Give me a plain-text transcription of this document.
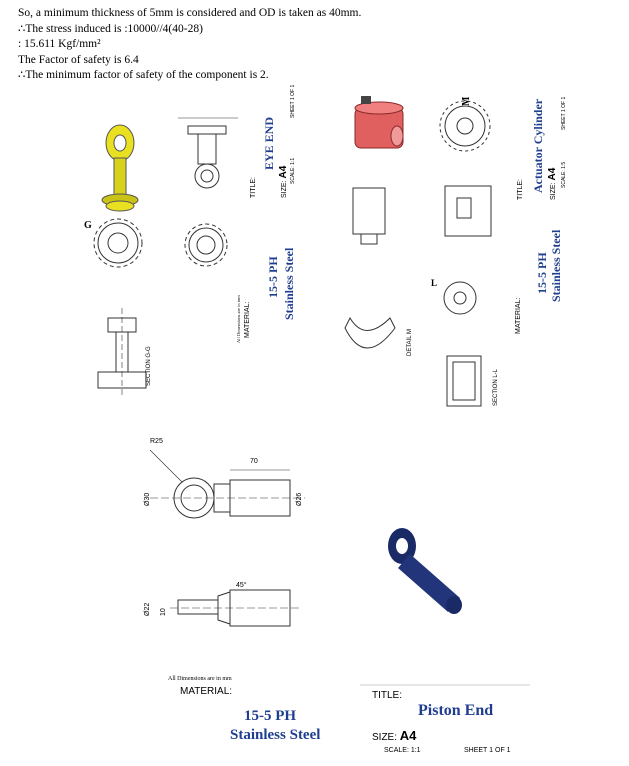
So, a minimum thickness of 5mm is considered and OD is taken as 40mm.
∴The stress induced is :10000//4(40-28)
: 15.611 Kgf/mm²
The Factor of safety is 6.4
∴The minimum factor of safety of the component is 2.
G
SECTION G-G
TITLE:
EYE END
SIZE: A4 SCALE: 1:1
SHEET 1 OF 1
All Dimensions are in mm MATERIAL:
15-5 PH Stainless Steel
M
L
DETAIL M
SECTION L-L
TITLE: Actuator Cylinder SIZE: A4 SCALE: 1:5
SHEET 1 OF 1
MATERIAL:
15-5 PH Stainless Steel
R25
70
Ø30	Ø26
Ø22 10
45°
All Dimensions are in mm
MATERIAL:
15-5 PH
Stainless Steel
TITLE:
Piston End
SIZE: A4
SCALE: 1:1	SHEET 1 OF 1
